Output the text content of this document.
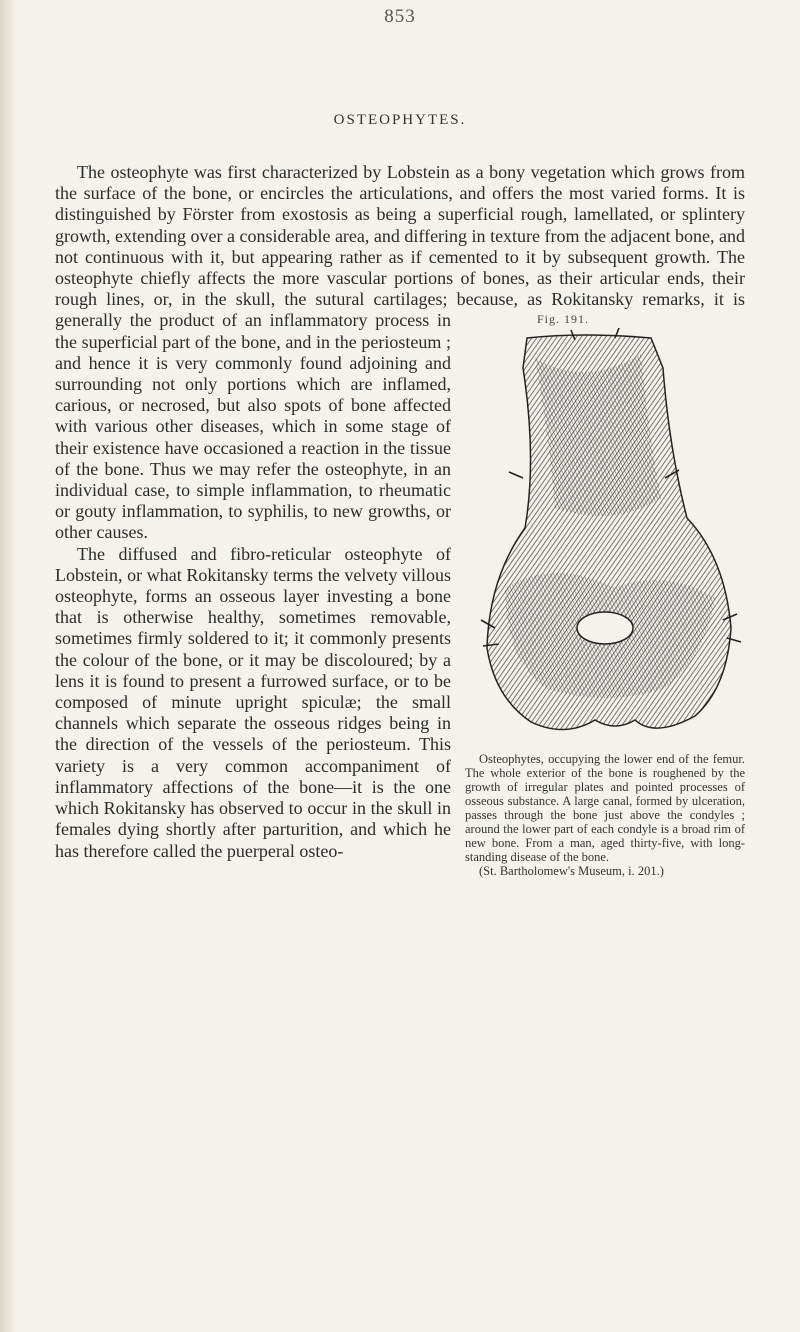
853
OSTEOPHYTES.

The osteophyte was first characterized by Lobstein as a bony vegetation which grows from the surface of the bone, or encircles the articulations, and offers the most varied forms. It is distinguished by Förster from exostosis as being a superficial rough, lamellated, or splintery growth, extending over a considerable area, and differing in texture from the adjacent bone, and not continuous with it, but appearing rather as if cemented to it by subsequent growth. The osteophyte chiefly affects the more vascular portions of bones, as their articular ends, their rough lines, or, in the skull, the sutural cartilages; because, as Rokitansky remarks,
Fig. 191.
Osteophytes, occupying the lower end of the femur. The whole exterior of the bone is roughened by the growth of irregular plates and pointed processes of osseous substance. A large canal, formed by ulceration, passes through the bone just above the condyles ; around the lower part of each condyle is a broad rim of new bone. From a man, aged thirty-five, with long-standing disease of the bone.
(St. Bartholomew's Museum, i. 201.)
it is generally the product of an inflammatory process in the superficial part of the bone, and in the periosteum ; and hence it is very commonly found adjoining and surrounding not only portions which are inflamed, carious, or necrosed, but also spots of bone affected with various other diseases, which in some stage of their existence have occasioned a reaction in the tissue of the bone. Thus we may refer the osteophyte, in an individual case, to simple inflammation, to rheumatic or gouty inflammation, to syphilis, to new growths, or other causes.

The diffused and fibro-reticular osteophyte of Lobstein, or what Rokitansky terms the velvety villous osteophyte, forms an osseous layer investing a bone that is otherwise healthy, sometimes removable, sometimes firmly soldered to it; it commonly presents the colour of the bone, or it may be discoloured; by a lens it is found to present a furrowed surface, or to be composed of minute upright spiculæ; the small channels which separate the osseous ridges being in the direction of the vessels of the periosteum. This variety is a very common accompaniment of inflammatory affections of the bone—it is the one which Rokitansky has observed to occur in the skull in females dying shortly after parturition, and which he has therefore called the puerperal osteo-
